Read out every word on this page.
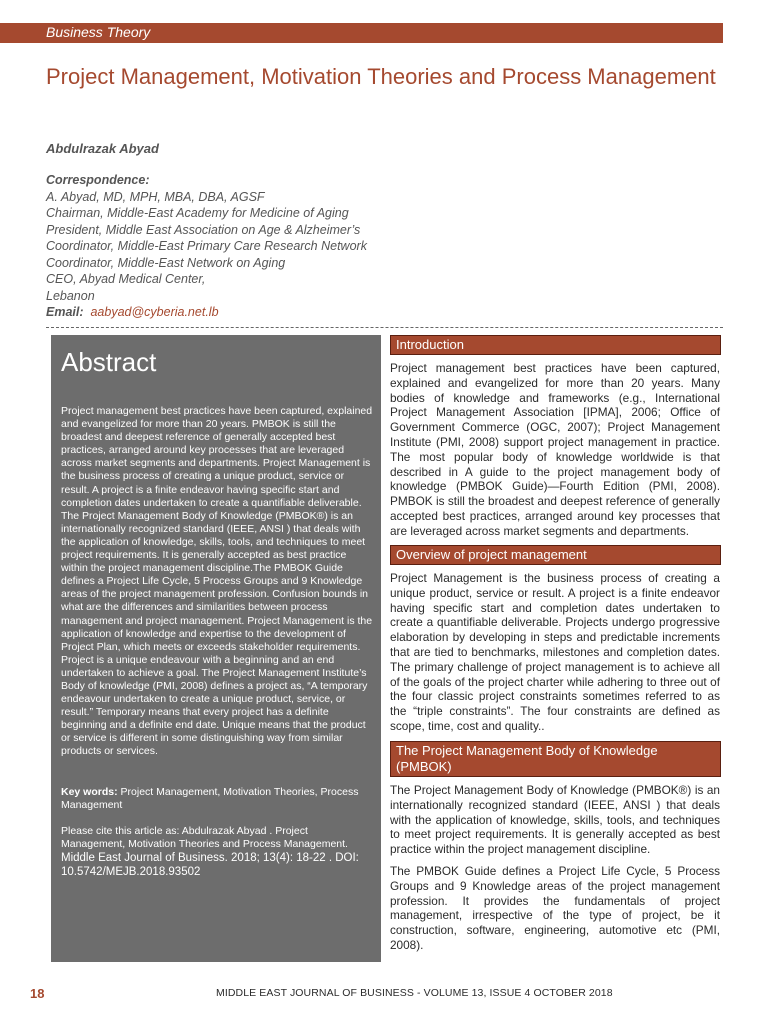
Business Theory
Project Management, Motivation Theories and Process Management
Abdulrazak Abyad
Correspondence:
A. Abyad, MD, MPH, MBA, DBA, AGSF
Chairman, Middle-East Academy for Medicine of Aging
President, Middle East Association on Age & Alzheimer’s
Coordinator, Middle-East Primary Care Research Network
Coordinator, Middle-East Network on Aging
CEO, Abyad Medical Center,
Lebanon
Email: aabyad@cyberia.net.lb
Abstract
Project management best practices have been captured, explained and evangelized for more than 20 years. PMBOK is still the broadest and deepest reference of generally accepted best practices, arranged around key processes that are leveraged across market segments and departments. Project Management is the business process of creating a unique product, service or result. A project is a finite endeavor having specific start and completion dates undertaken to create a quantifiable deliverable. The Project Management Body of Knowledge (PMBOK®) is an internationally recognized standard (IEEE, ANSI ) that deals with the application of knowledge, skills, tools, and techniques to meet project requirements. It is generally accepted as best practice within the project management discipline.The PMBOK Guide defines a Project Life Cycle, 5 Process Groups and 9 Knowledge areas of the project management profession. Confusion bounds in what are the differences and similarities between process management and project management. Project Management is the application of knowledge and expertise to the development of Project Plan, which meets or exceeds stakeholder requirements. Project is a unique endeavour with a beginning and an end undertaken to achieve a goal. The Project Management Institute’s Body of knowledge (PMI, 2008) defines a project as, “A temporary endeavour undertaken to create a unique product, service, or result.” Temporary means that every project has a definite beginning and a definite end date. Unique means that the product or service is different in some distinguishing way from similar products or services.
Key words: Project Management, Motivation Theories, Process Management
Please cite this article as: Abdulrazak Abyad . Project Management, Motivation Theories and Process Management.
Middle East Journal of Business. 2018; 13(4): 18-22 . DOI: 10.5742/MEJB.2018.93502
Introduction
Project management best practices have been captured, explained and evangelized for more than 20 years. Many bodies of knowledge and frameworks (e.g., International Project Management Association [IPMA], 2006; Office of Government Commerce (OGC, 2007); Project Management Institute (PMI, 2008) support project management in practice. The most popular body of knowledge worldwide is that described in A guide to the project management body of knowledge (PMBOK Guide)—Fourth Edition (PMI, 2008). PMBOK is still the broadest and deepest reference of generally accepted best practices, arranged around key processes that are leveraged across market segments and departments.
Overview of project management
Project Management is the business process of creating a unique product, service or result. A project is a finite endeavor having specific start and completion dates undertaken to create a quantifiable deliverable. Projects undergo progressive elaboration by developing in steps and predictable increments that are tied to benchmarks, milestones and completion dates. The primary challenge of project management is to achieve all of the goals of the project charter while adhering to three out of the four classic project constraints sometimes referred to as the “triple constraints”. The four constraints are defined as scope, time, cost and quality..
The Project Management Body of Knowledge (PMBOK)
The Project Management Body of Knowledge (PMBOK®) is an internationally recognized standard (IEEE, ANSI ) that deals with the application of knowledge, skills, tools, and techniques to meet project requirements. It is generally accepted as best practice within the project management discipline.
The PMBOK Guide defines a Project Life Cycle, 5 Process Groups and 9 Knowledge areas of the project management profession. It provides the fundamentals of project management, irrespective of the type of project, be it construction, software, engineering, automotive etc (PMI, 2008).
18	MIDDLE EAST JOURNAL OF BUSINESS - VOLUME 13, ISSUE 4 OCTOBER 2018
